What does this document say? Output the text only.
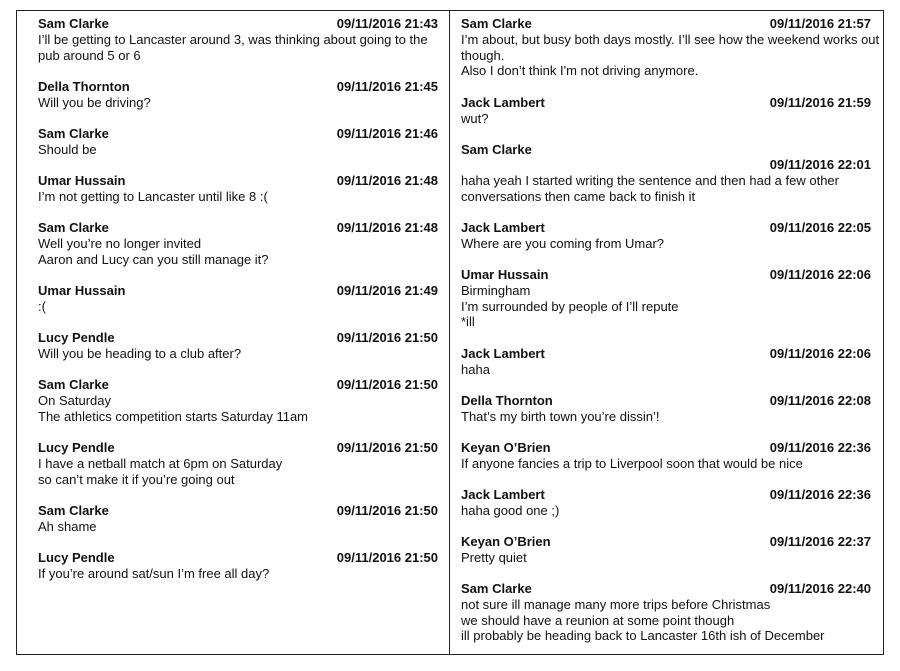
Sam Clarke	09/11/2016 21:43
I’ll be getting to Lancaster around 3, was thinking about going to the pub around 5 or 6
Della Thornton	09/11/2016 21:45
Will you be driving?
Sam Clarke	09/11/2016 21:46
Should be
Umar Hussain	09/11/2016 21:48
I’m not getting to Lancaster until like 8 :(
Sam Clarke	09/11/2016 21:48
Well you’re no longer invited
Aaron and Lucy can you still manage it?
Umar Hussain	09/11/2016 21:49
:(
Lucy Pendle	09/11/2016 21:50
Will you be heading to a club after?
Sam Clarke	09/11/2016 21:50
On Saturday
The athletics competition starts Saturday 11am
Lucy Pendle	09/11/2016 21:50
I have a netball match at 6pm on Saturday
so can’t make it if you’re going out
Sam Clarke	09/11/2016 21:50
Ah shame
Lucy Pendle	09/11/2016 21:50
If you’re around sat/sun I’m free all day?
Sam Clarke	09/11/2016 21:57
I’m about, but busy both days mostly. I’ll see how the weekend works out though.
Also I don’t think I'm not driving anymore.
Jack Lambert	09/11/2016 21:59
wut?
Sam Clarke
09/11/2016 22:01
haha yeah I started writing the sentence and then had a few other conversations then came back to finish it
Jack Lambert	09/11/2016 22:05
Where are you coming from Umar?
Umar Hussain	09/11/2016 22:06
Birmingham
I’m surrounded by people of I’ll repute
*ill
Jack Lambert	09/11/2016 22:06
haha
Della Thornton	09/11/2016 22:08
That’s my birth town you’re dissin’!
Keyan O’Brien	09/11/2016 22:36
If anyone fancies a trip to Liverpool soon that would be nice
Jack Lambert	09/11/2016 22:36
haha good one ;)
Keyan O’Brien	09/11/2016 22:37
Pretty quiet
Sam Clarke	09/11/2016 22:40
not sure ill manage many more trips before Christmas
we should have a reunion at some point though
ill probably be heading back to Lancaster 16th ish of December
